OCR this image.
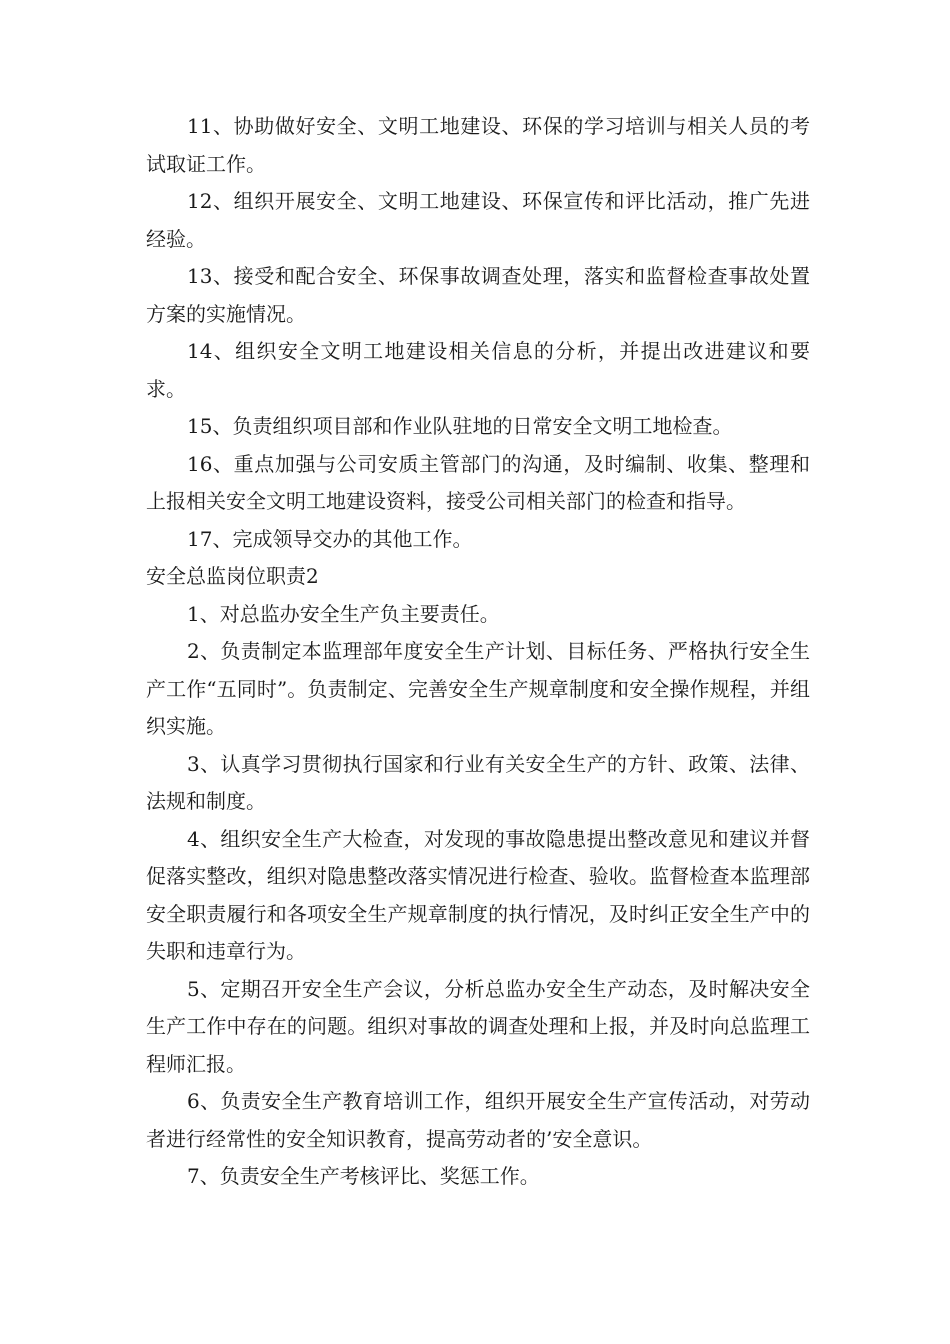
11、协助做好安全、文明工地建设、环保的学习培训与相关人员的考试取证工作。

12、组织开展安全、文明工地建设、环保宣传和评比活动，推广先进经验。

13、接受和配合安全、环保事故调查处理，落实和监督检查事故处置方案的实施情况。

14、组织安全文明工地建设相关信息的分析，并提出改进建议和要求。

15、负责组织项目部和作业队驻地的日常安全文明工地检查。

16、重点加强与公司安质主管部门的沟通，及时编制、收集、整理和上报相关安全文明工地建设资料，接受公司相关部门的检查和指导。

17、完成领导交办的其他工作。

安全总监岗位职责2

1、对总监办安全生产负主要责任。

2、负责制定本监理部年度安全生产计划、目标任务、严格执行安全生产工作“五同时”。负责制定、完善安全生产规章制度和安全操作规程，并组织实施。

3、认真学习贯彻执行国家和行业有关安全生产的方针、政策、法律、法规和制度。

4、组织安全生产大检查，对发现的事故隐患提出整改意见和建议并督促落实整改，组织对隐患整改落实情况进行检查、验收。监督检查本监理部安全职责履行和各项安全生产规章制度的执行情况，及时纠正安全生产中的失职和违章行为。

5、定期召开安全生产会议，分析总监办安全生产动态，及时解决安全生产工作中存在的问题。组织对事故的调查处理和上报，并及时向总监理工程师汇报。

6、负责安全生产教育培训工作，组织开展安全生产宣传活动，对劳动者进行经常性的安全知识教育，提高劳动者的’安全意识。

7、负责安全生产考核评比、奖惩工作。
